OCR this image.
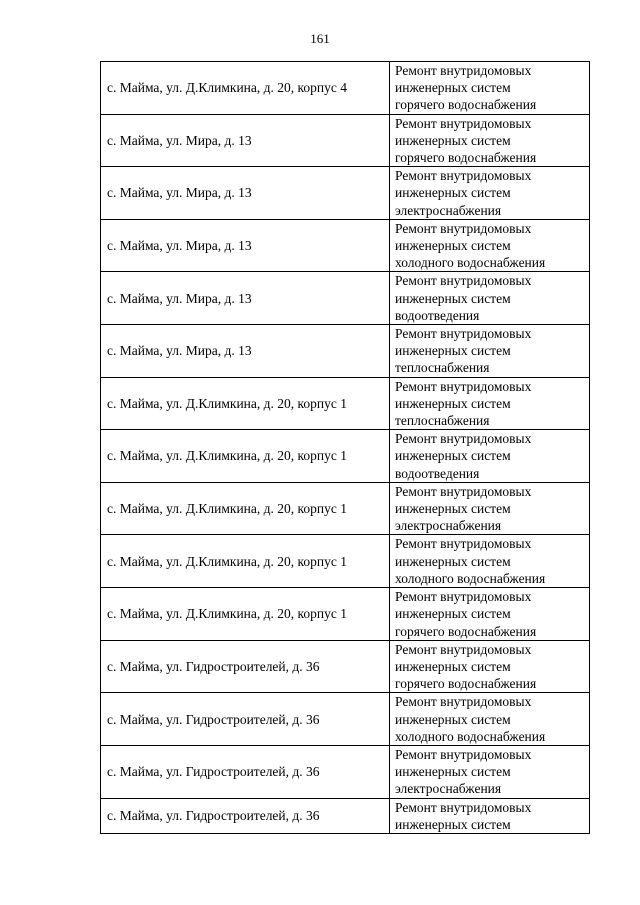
161
с. Майма, ул. Д.Климкина, д. 20, корпус 4	Ремонт внутридомовых
инженерных систем
горячего водоснабжения

с. Майма, ул. Мира, д. 13	Ремонт внутридомовых
инженерных систем
горячего водоснабжения

с. Майма, ул. Мира, д. 13	Ремонт внутридомовых
инженерных систем
электроснабжения

с. Майма, ул. Мира, д. 13	Ремонт внутридомовых
инженерных систем
холодного водоснабжения

с. Майма, ул. Мира, д. 13	Ремонт внутридомовых
инженерных систем
водоотведения

с. Майма, ул. Мира, д. 13	Ремонт внутридомовых
инженерных систем
теплоснабжения

с. Майма, ул. Д.Климкина, д. 20, корпус 1	Ремонт внутридомовых
инженерных систем
теплоснабжения

с. Майма, ул. Д.Климкина, д. 20, корпус 1	Ремонт внутридомовых
инженерных систем
водоотведения

с. Майма, ул. Д.Климкина, д. 20, корпус 1	Ремонт внутридомовых
инженерных систем
электроснабжения

с. Майма, ул. Д.Климкина, д. 20, корпус 1	Ремонт внутридомовых
инженерных систем
холодного водоснабжения

с. Майма, ул. Д.Климкина, д. 20, корпус 1	Ремонт внутридомовых
инженерных систем
горячего водоснабжения

с. Майма, ул. Гидростроителей, д. 36	Ремонт внутридомовых
инженерных систем
горячего водоснабжения

с. Майма, ул. Гидростроителей, д. 36	Ремонт внутридомовых
инженерных систем
холодного водоснабжения

с. Майма, ул. Гидростроителей, д. 36	Ремонт внутридомовых
инженерных систем
электроснабжения

с. Майма, ул. Гидростроителей, д. 36	Ремонт внутридомовых
инженерных систем
